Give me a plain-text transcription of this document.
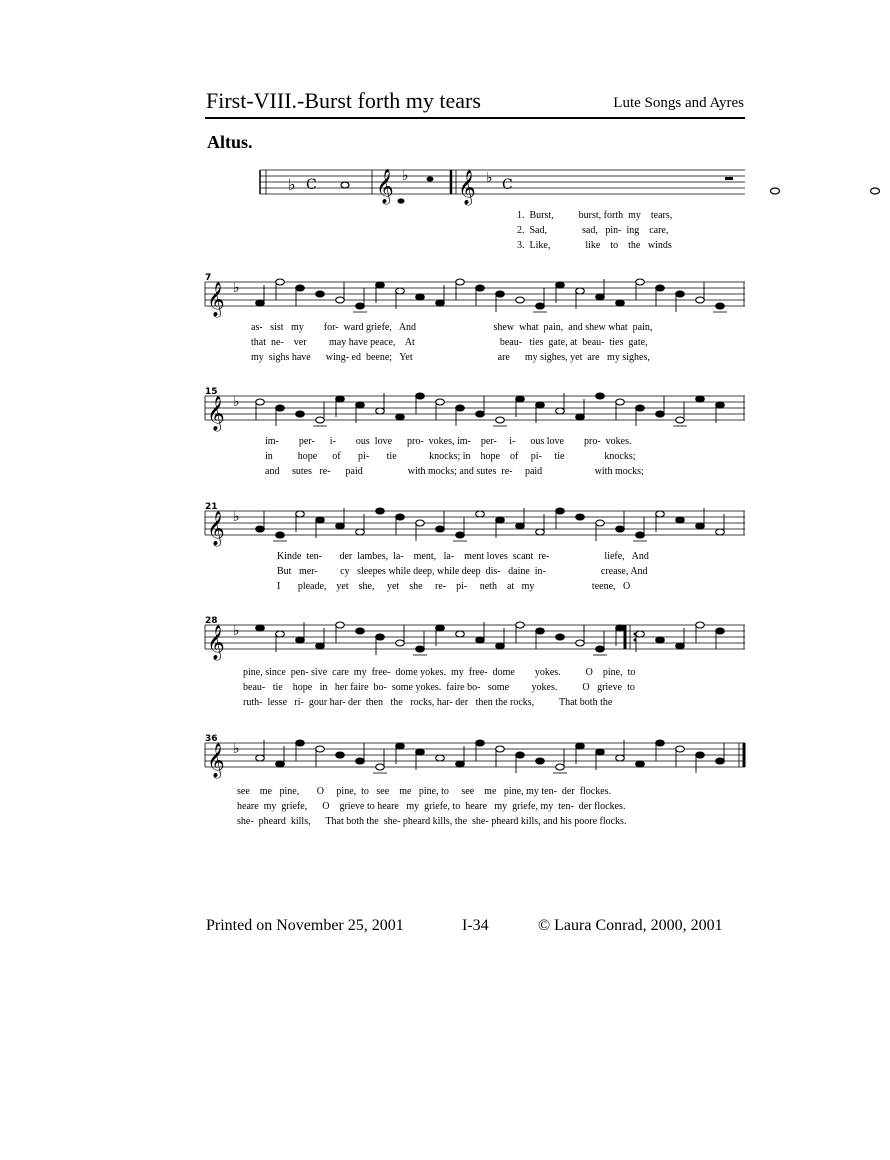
First-VIII.-Burst forth my tears	Lute Songs and Ayres
Altus.
♭ C 𝄞 ♭ 𝄞 ♭ C
1.  Burst,          burst, forth  my    tears,
2.  Sad,              sad,   pin-  ing    care,
3.  Like,              like    to    the   winds
𝄞 ♭
7
as-   sist   my        for-  ward griefe,   And                               shew  what  pain,  and shew what  pain,
that  ne-    ver         may have peace,    At                                  beau-   ties  gate, at  beau-  ties  gate,
my  sighs have      wing- ed  beene;   Yet                                  are      my sighes, yet  are   my sighes,
𝄞 ♭
15
im-        per-      i-        ous  love      pro-  vokes, im-    per-     i-      ous love        pro-  vokes.
in          hope      of       pi-       tie             knocks; in    hope    of     pi-     tie                knocks;
and     sutes   re-      paid                  with mocks; and sutes  re-     paid                     with mocks;
𝄞 ♭
21
Kinde  ten-       der  lambes,  la-    ment,   la-    ment loves  scant  re-                      liefe,   And
But   mer-         cy   sleepes while deep, while deep  dis-   daine  in-                      crease, And
I       pleade,    yet    she,     yet    she     re-    pi-     neth    at   my                       teene,   O
𝄞 ♭
28
pine, since  pen- sive  care  my  free-  dome yokes.  my  free-  dome        yokes.          O    pine,  to
beau-   tie    hope   in   her faire  bo-  some yokes.  faire bo-   some         yokes.          O   grieve  to
ruth-  lesse   ri-  gour har- der  then   the   rocks, har- der   then the rocks,          That both the
𝄞 ♭
36
see    me   pine,       O     pine,  to   see    me   pine, to     see    me   pine, my ten-  der  flockes.
heare  my  griefe,      O    grieve to heare   my  griefe, to  heare   my  griefe, my  ten-  der flockes.
she-  pheard  kills,      That both the  she- pheard kills, the  she- pheard kills, and his poore flocks.
Printed on November 25, 2001	I-34	© Laura Conrad, 2000, 2001
